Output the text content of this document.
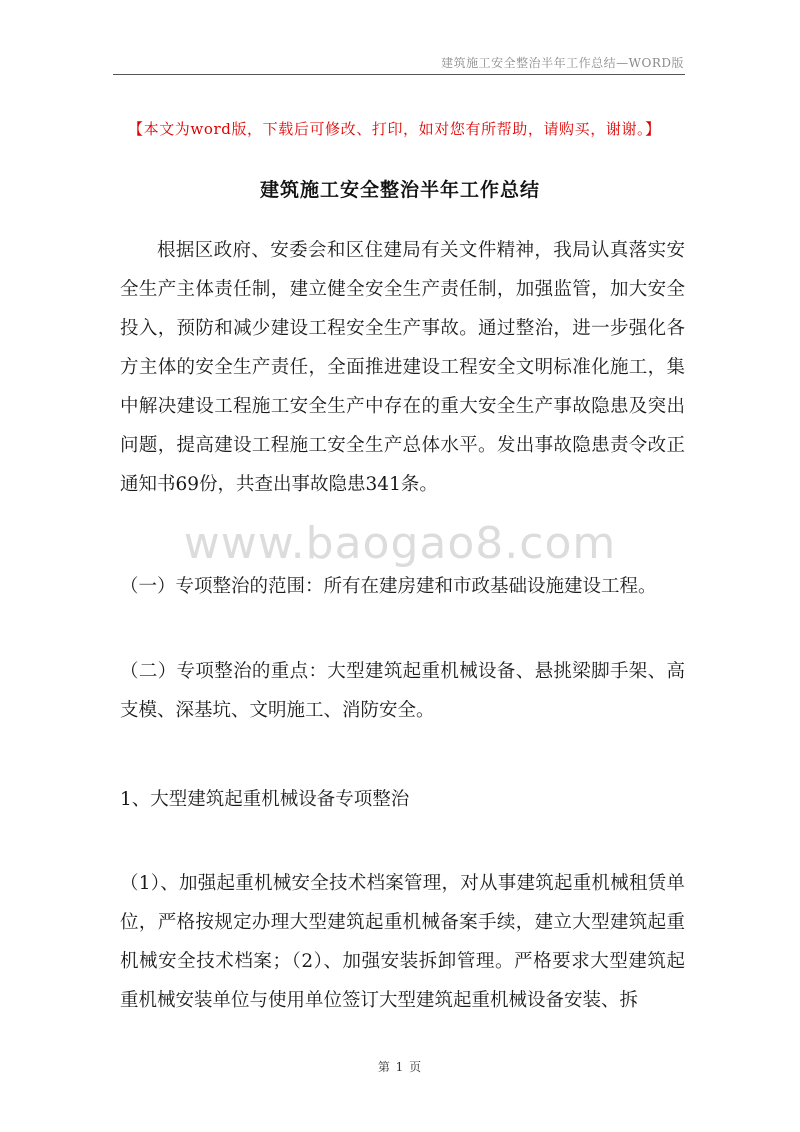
建筑施工安全整治半年工作总结—WORD版
【本文为word版，下载后可修改、打印，如对您有所帮助，请购买，谢谢。】
建筑施工安全整治半年工作总结
根据区政府、安委会和区住建局有关文件精神，我局认真落实安全生产主体责任制，建立健全安全生产责任制，加强监管，加大安全投入，预防和减少建设工程安全生产事故。通过整治，进一步强化各方主体的安全生产责任，全面推进建设工程安全文明标准化施工，集中解决建设工程施工安全生产中存在的重大安全生产事故隐患及突出问题，提高建设工程施工安全生产总体水平。发出事故隐患责令改正通知书69份，共查出事故隐患341条。
www.baogao8.com
（一）专项整治的范围：所有在建房建和市政基础设施建设工程。
（二）专项整治的重点：大型建筑起重机械设备、悬挑梁脚手架、高支模、深基坑、文明施工、消防安全。
1、大型建筑起重机械设备专项整治
（1）、加强起重机械安全技术档案管理，对从事建筑起重机械租赁单位，严格按规定办理大型建筑起重机械备案手续，建立大型建筑起重机械安全技术档案；（2）、加强安装拆卸管理。严格要求大型建筑起重机械安装单位与使用单位签订大型建筑起重机械设备安装、拆
第 1 页
